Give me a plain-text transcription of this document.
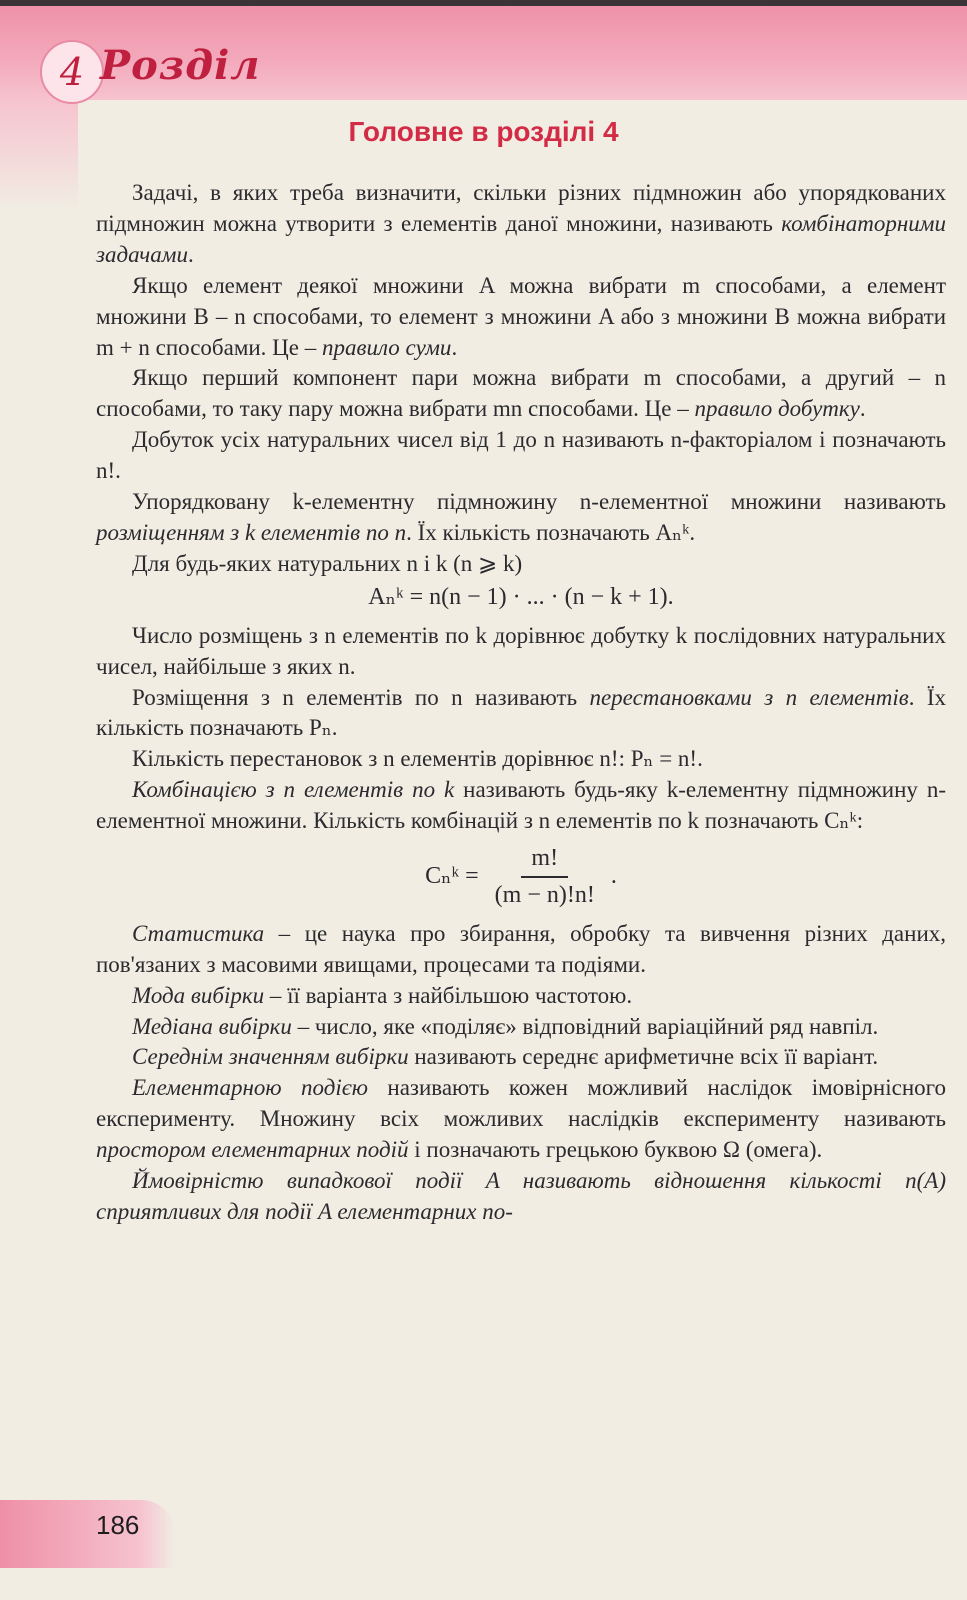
4 Розділ
Головне в розділі 4

Задачі, в яких треба визначити, скільки різних підмножин або упорядкованих підмножин можна утворити з елементів даної множини, називають комбінаторними задачами.

Якщо елемент деякої множини A можна вибрати m способами, а елемент множини B – n способами, то елемент з множини A або з множини B можна вибрати m + n способами. Це – правило суми.

Якщо перший компонент пари можна вибрати m способами, а другий – n способами, то таку пару можна вибрати mn способами. Це – правило добутку.

Добуток усіх натуральних чисел від 1 до n називають n-факторіалом і позначають n!.

Упорядковану k-елементну підмножину n-елементної множини називають розміщенням з k елементів по n. Їх кількість позначають Aₙᵏ.

Для будь-яких натуральних n і k (n ⩾ k)

Aₙᵏ = n(n − 1) · ... · (n − k + 1).

Число розміщень з n елементів по k дорівнює добутку k послідовних натуральних чисел, найбільше з яких n.

Розміщення з n елементів по n називають перестановками з n елементів. Їх кількість позначають Pₙ.

Кількість перестановок з n елементів дорівнює n!: Pₙ = n!.

Комбінацією з n елементів по k називають будь-яку k-елементну підмножину n-елементної множини. Кількість комбінацій з n елементів по k позначають Cₙᵏ:

Cₙᵏ = $\frac{m!}{(m - n)!n!}$ .

Статистика – це наука про збирання, обробку та вивчення різних даних, пов'язаних з масовими явищами, процесами та подіями.

Мода вибірки – її варіанта з найбільшою частотою.

Медіана вибірки – число, яке «поділяє» відповідний варіаційний ряд навпіл.

Середнім значенням вибірки називають середнє арифметичне всіх її варіант.

Елементарною подією називають кожен можливий наслідок імовірнісного експерименту. Множину всіх можливих наслідків експерименту називають простором елементарних подій і позначають грецькою буквою Ω (омега).

Ймовірністю випадкової події A називають відношення кількості n(A) сприятливих для події A елементарних по-

186
